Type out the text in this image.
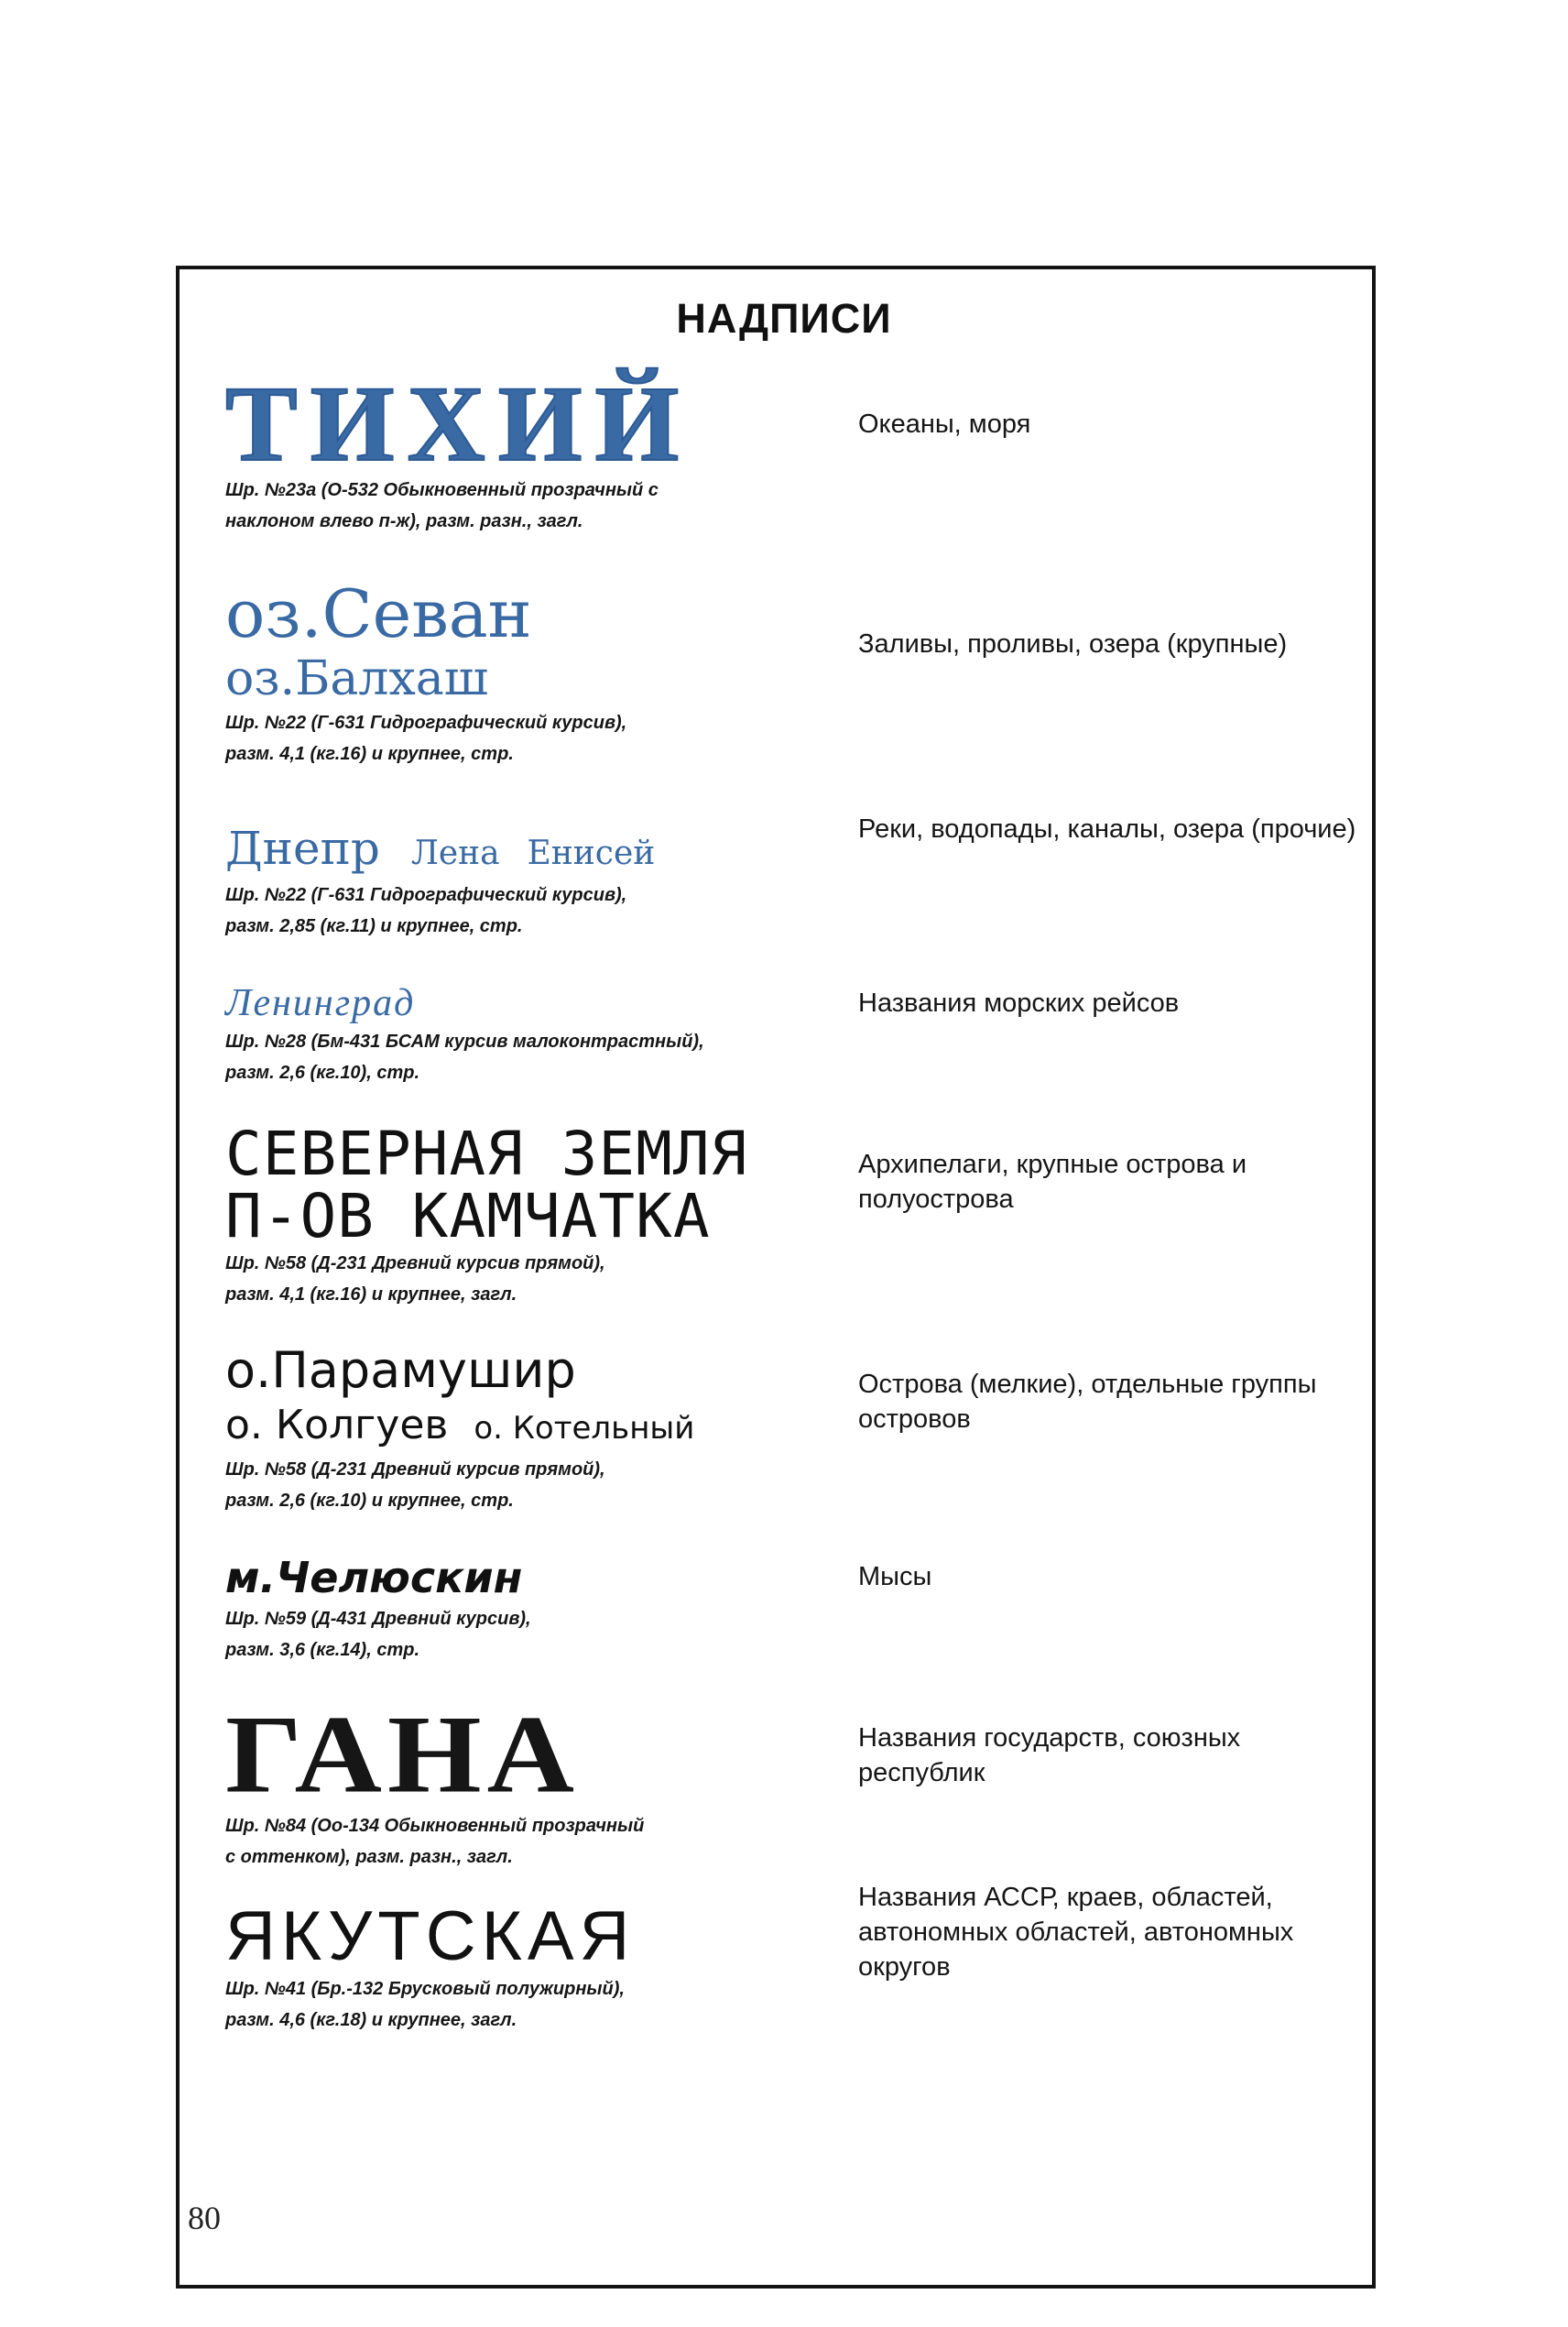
НАДПИСИ
ТИХИЙ
Шр. №23а (О-532 Обыкновенный прозрачный с
наклоном влево п-ж), разм. разн., загл.
Океаны, моря
оз.Севан
оз.Балхаш
Шр. №22 (Г-631 Гидрографический курсив),
разм. 4,1 (кг.16) и крупнее, стр.
Заливы, проливы, озера (крупные)
Днепр Лена Енисей
Шр. №22 (Г-631 Гидрографический курсив),
разм. 2,85 (кг.11) и крупнее, стр.
Реки, водопады, каналы, озера (прочие)
Ленинград
Шр. №28 (Бм-431 БСАМ курсив малоконтрастный),
разм. 2,6 (кг.10), стр.
Названия морских рейсов
СЕВЕРНАЯ ЗЕМЛЯ
П-ОВ КАМЧАТКА
Шр. №58 (Д-231 Древний курсив прямой),
разм. 4,1 (кг.16) и крупнее, загл.
Архипелаги, крупные острова и полуострова
о.Парамушир
о. Колгуев о. Котельный
Шр. №58 (Д-231 Древний курсив прямой),
разм. 2,6 (кг.10) и крупнее, стр.
Острова (мелкие), отдельные группы островов
м.Челюскин
Шр. №59 (Д-431 Древний курсив),
разм. 3,6 (кг.14), стр.
Мысы
ГАНА
Шр. №84 (Оо-134 Обыкновенный прозрачный
с оттенком), разм. разн., загл.
Названия государств, союзных республик
ЯКУТСКАЯ
Шр. №41 (Бр.-132 Брусковый полужирный),
разм. 4,6 (кг.18) и крупнее, загл.
Названия АССР, краев, областей, автономных областей, автономных округов
80
